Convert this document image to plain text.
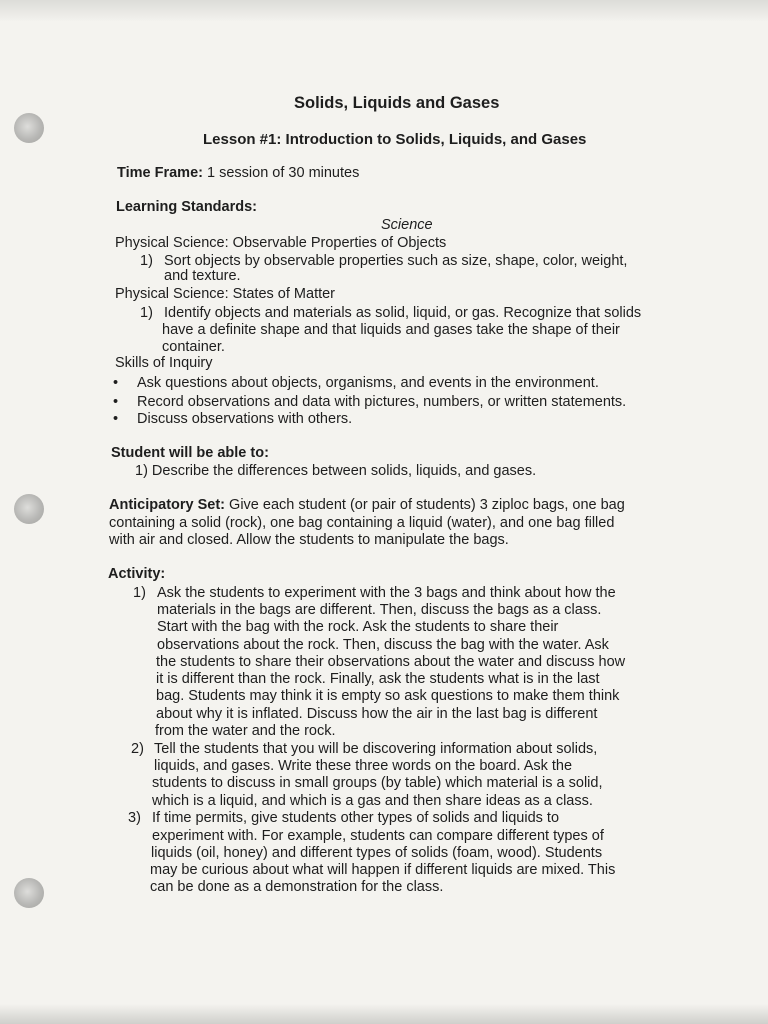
Solids, Liquids and Gases
Lesson #1: Introduction to Solids, Liquids, and Gases
Time Frame: 1 session of 30 minutes
Learning Standards:
Science
Physical Science: Observable Properties of Objects
1) Sort objects by observable properties such as size, shape, color, weight,
and texture.
Physical Science: States of Matter
1) Identify objects and materials as solid, liquid, or gas. Recognize that solids
have a definite shape and that liquids and gases take the shape of their
container.
Skills of Inquiry
• Ask questions about objects, organisms, and events in the environment.
• Record observations and data with pictures, numbers, or written statements.
• Discuss observations with others.
Student will be able to:
1) Describe the differences between solids, liquids, and gases.
Anticipatory Set: Give each student (or pair of students) 3 ziploc bags, one bag
containing a solid (rock), one bag containing a liquid (water), and one bag filled
with air and closed. Allow the students to manipulate the bags.
Activity:
1) Ask the students to experiment with the 3 bags and think about how the
materials in the bags are different. Then, discuss the bags as a class.
Start with the bag with the rock. Ask the students to share their
observations about the rock. Then, discuss the bag with the water. Ask
the students to share their observations about the water and discuss how
it is different than the rock. Finally, ask the students what is in the last
bag. Students may think it is empty so ask questions to make them think
about why it is inflated. Discuss how the air in the last bag is different
from the water and the rock.
2) Tell the students that you will be discovering information about solids,
liquids, and gases. Write these three words on the board. Ask the
students to discuss in small groups (by table) which material is a solid,
which is a liquid, and which is a gas and then share ideas as a class.
3) If time permits, give students other types of solids and liquids to
experiment with. For example, students can compare different types of
liquids (oil, honey) and different types of solids (foam, wood). Students
may be curious about what will happen if different liquids are mixed. This
can be done as a demonstration for the class.
